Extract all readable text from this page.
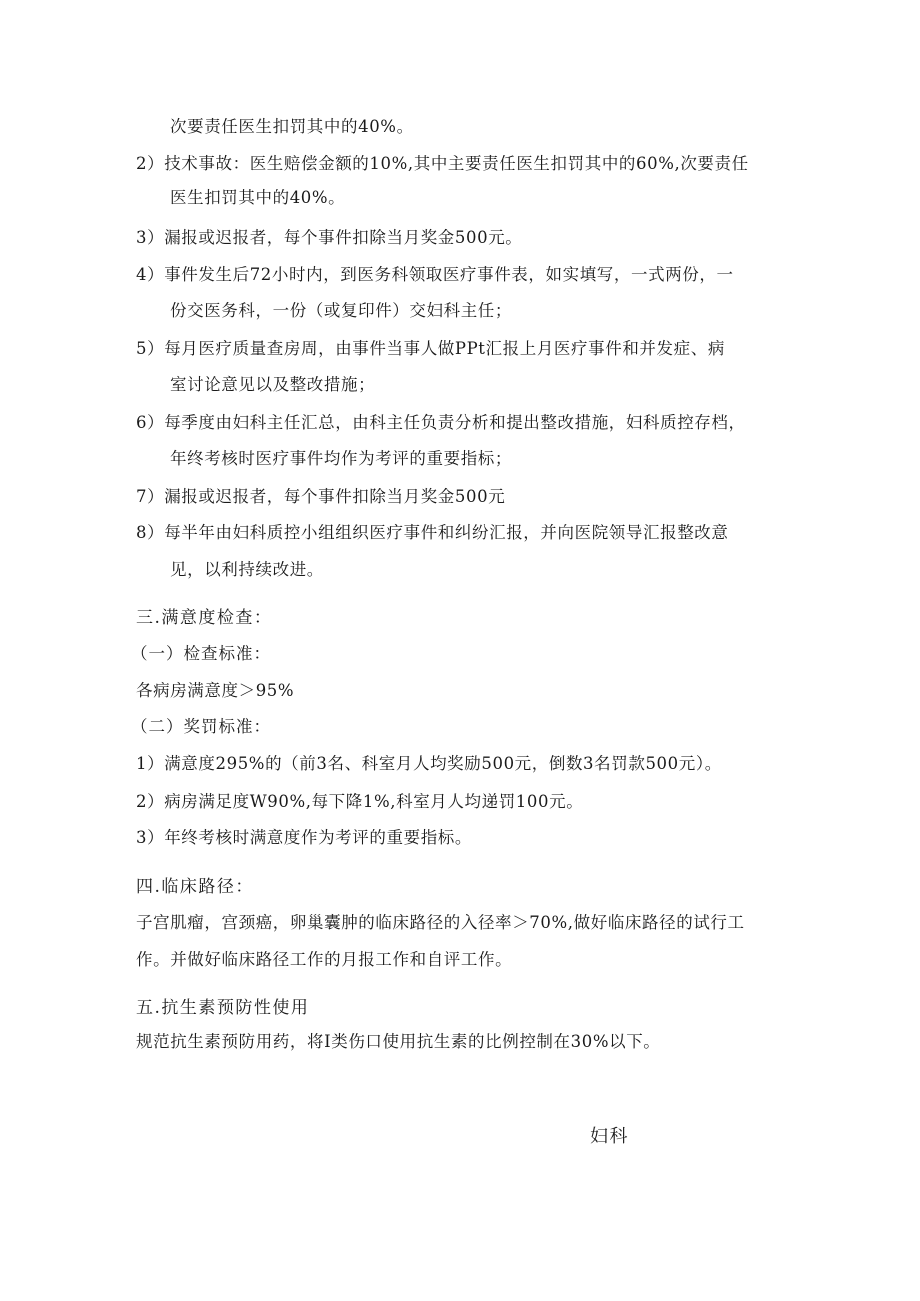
次要责任医生扣罚其中的40%。
2）技术事故：医生赔偿金额的10%,其中主要责任医生扣罚其中的60%,次要责任
医生扣罚其中的40%。
3）漏报或迟报者，每个事件扣除当月奖金500元。
4）事件发生后72小时内，到医务科领取医疗事件表，如实填写，一式两份，一
份交医务科，一份（或复印件）交妇科主任；
5）每月医疗质量查房周，由事件当事人做PPt汇报上月医疗事件和并发症、病
室讨论意见以及整改措施；
6）每季度由妇科主任汇总，由科主任负责分析和提出整改措施，妇科质控存档，
年终考核时医疗事件均作为考评的重要指标；
7）漏报或迟报者，每个事件扣除当月奖金500元
8）每半年由妇科质控小组组织医疗事件和纠纷汇报，并向医院领导汇报整改意
见，以利持续改进。
三.满意度检查：
（一）检查标准：
各病房满意度＞95%
（二）奖罚标准：
1）满意度295%的（前3名、科室月人均奖励500元，倒数3名罚款500元）。
2）病房满足度W90%,每下降1%,科室月人均递罚100元。
3）年终考核时满意度作为考评的重要指标。
四.临床路径：
子宫肌瘤，宫颈癌，卵巢囊肿的临床路径的入径率＞70%,做好临床路径的试行工
作。并做好临床路径工作的月报工作和自评工作。
五.抗生素预防性使用
规范抗生素预防用药，将I类伤口使用抗生素的比例控制在30%以下。
妇科
